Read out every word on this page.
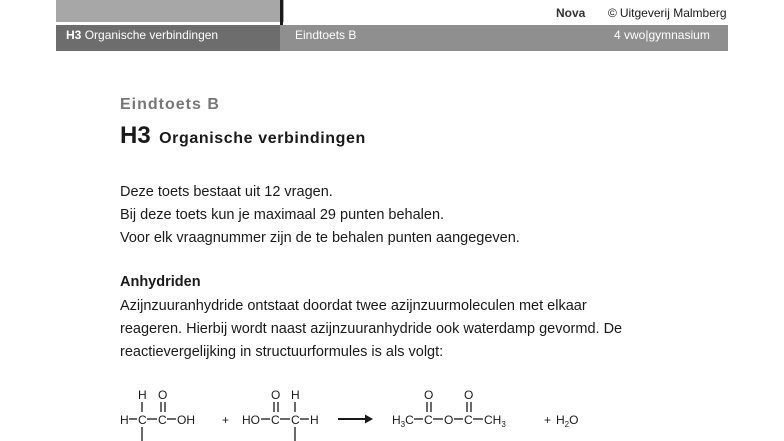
Nova © Uitgeverij Malmberg
H3 Organische verbindingen	Eindtoets B	4 vwo|gymnasium
Eindtoets B
H3 Organische verbindingen
Deze toets bestaat uit 12 vragen.
Bij deze toets kun je maximaal 29 punten behalen.
Voor elk vraagnummer zijn de te behalen punten aangegeven.
Anhydriden
Azijnzuuranhydride ontstaat doordat twee azijnzuurmoleculen met elkaar
reageren. Hierbij wordt naast azijnzuuranhydride ook waterdamp gevormd. De
reactievergelijking in structuurformules is als volgt:
H C
H
C
O
OH + HO C
O
C
H
H	$H_3C$ C
O
O C
O
$CH_3$	+ $H_2O$
